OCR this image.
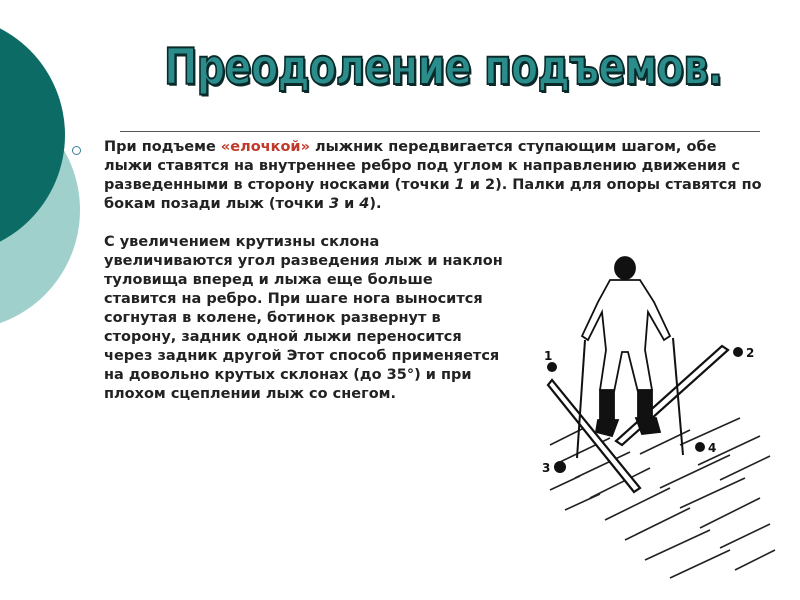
Преодоление подъемов.

При подъеме «елочкой» лыжник передвигается ступающим шагом, обе лыжи ставятся на внутреннее ребро под углом к направлению движения с разведенными в сторону носками (точки 1 и 2). Палки для опоры ставятся по бокам позади лыж (точки 3 и 4).

С увеличением крутизны склона увеличиваются угол разведения лыж и наклон туловища вперед и лыжа еще больше ставится на ребро. При шаге нога выносится согнутая в колене, ботинок развернут в сторону, задник одной лыжи переносится через задник другой Этот способ применяется на довольно крутых склонах (до 35°) и при плохом сцеплении лыж со снегом.

1	2
3
4
